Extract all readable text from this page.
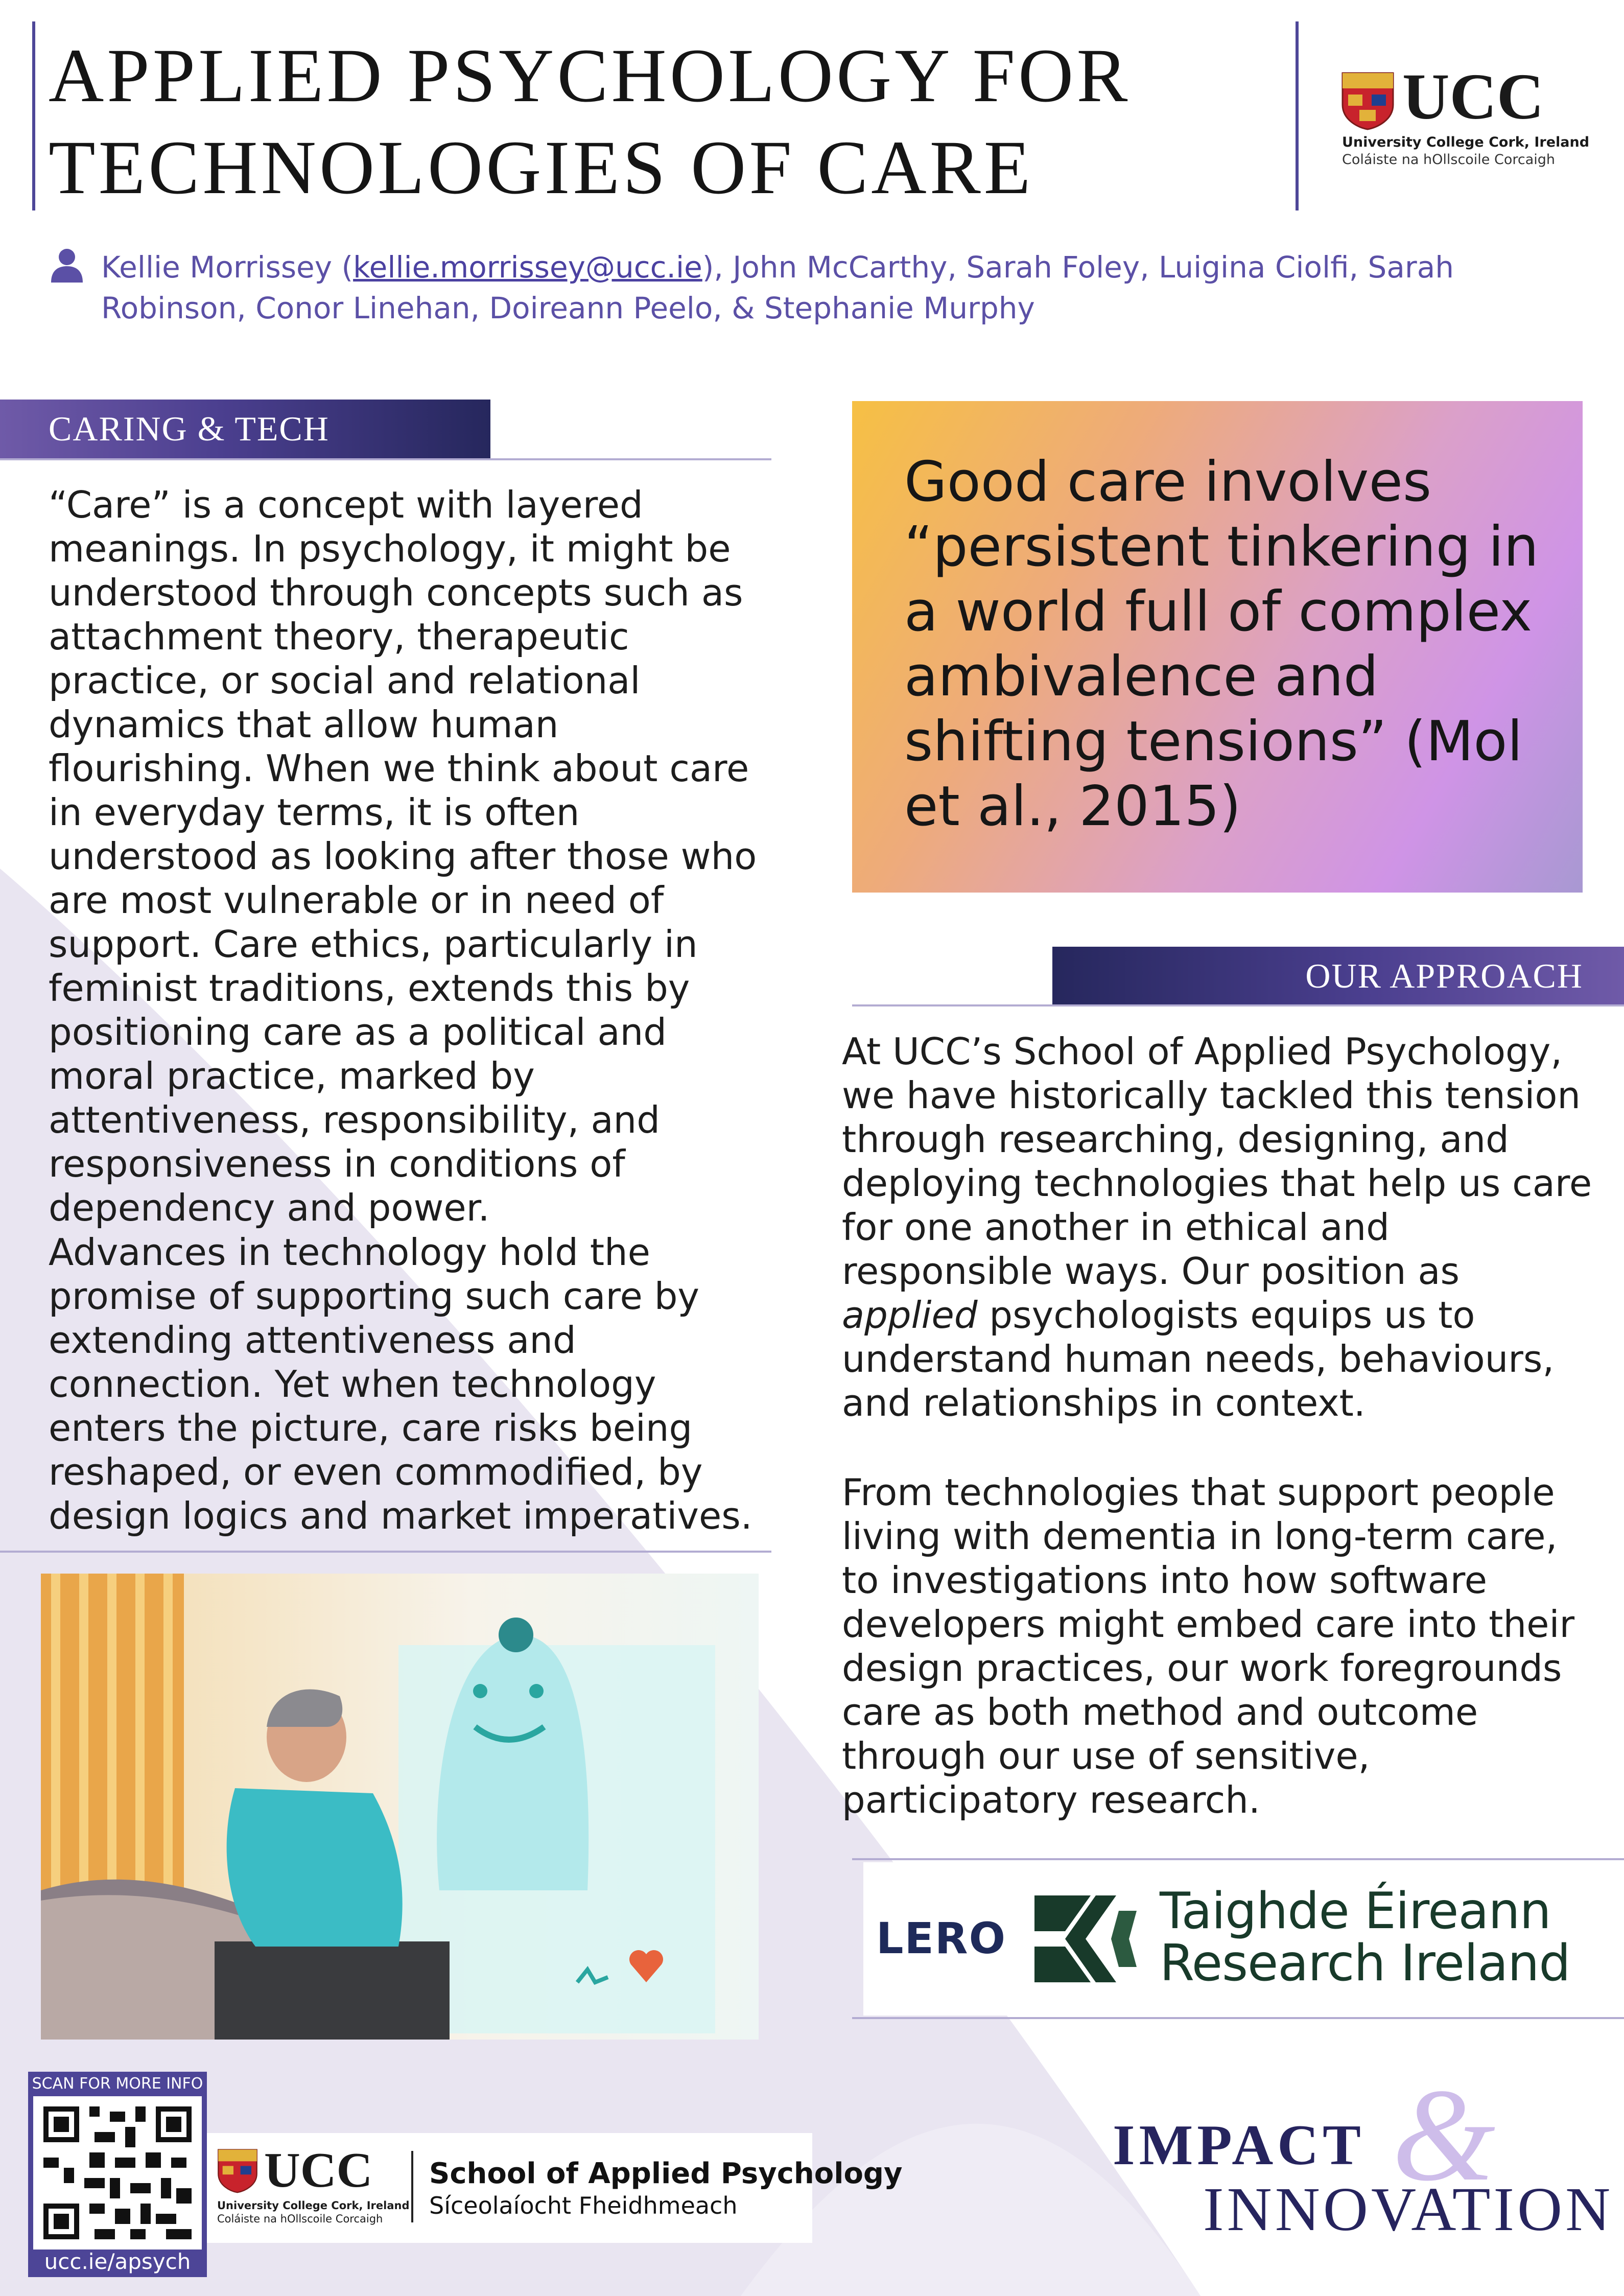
APPLIED PSYCHOLOGY FOR
TECHNOLOGIES OF CARE
UCC
University College Cork, Ireland
Coláiste na hOllscoile Corcaigh
Kellie Morrissey (kellie.morrissey@ucc.ie), John McCarthy, Sarah Foley, Luigina Ciolfi, Sarah
Robinson, Conor Linehan, Doireann Peelo, & Stephanie Murphy
CARING & TECH
“Care” is a concept with layered meanings. In psychology, it might be understood through concepts such as attachment theory, therapeutic practice, or social and relational dynamics that allow human flourishing. When we think about care in everyday terms, it is often understood as looking after those who are most vulnerable or in need of support. Care ethics, particularly in feminist traditions, extends this by positioning care as a political and moral practice, marked by attentiveness, responsibility, and responsiveness in conditions of dependency and power.
Advances in technology hold the promise of supporting such care by extending attentiveness and connection. Yet when technology enters the picture, care risks being reshaped, or even commodified, by design logics and market imperatives.
Good care involves “persistent tinkering in a world full of complex ambivalence and shifting tensions” (Mol et al., 2015)
OUR APPROACH
At UCC’s School of Applied Psychology, we have historically tackled this tension through researching, designing, and deploying technologies that help us care for one another in ethical and responsible ways. Our position as applied psychologists equips us to understand human needs, behaviours, and relationships in context.
From technologies that support people living with dementia in long-term care, to investigations into how software developers might embed care into their design practices, our work foregrounds care as both method and outcome through our use of sensitive, participatory research.
LERO	Taighde Éireann
Research Ireland
SCAN FOR MORE INFO
ucc.ie/apsych
UCC
University College Cork, Ireland
Coláiste na hOllscoile Corcaigh
School of Applied Psychology
Síceolaíocht Fheidhmeach	&
IMPACT
INNOVATION
